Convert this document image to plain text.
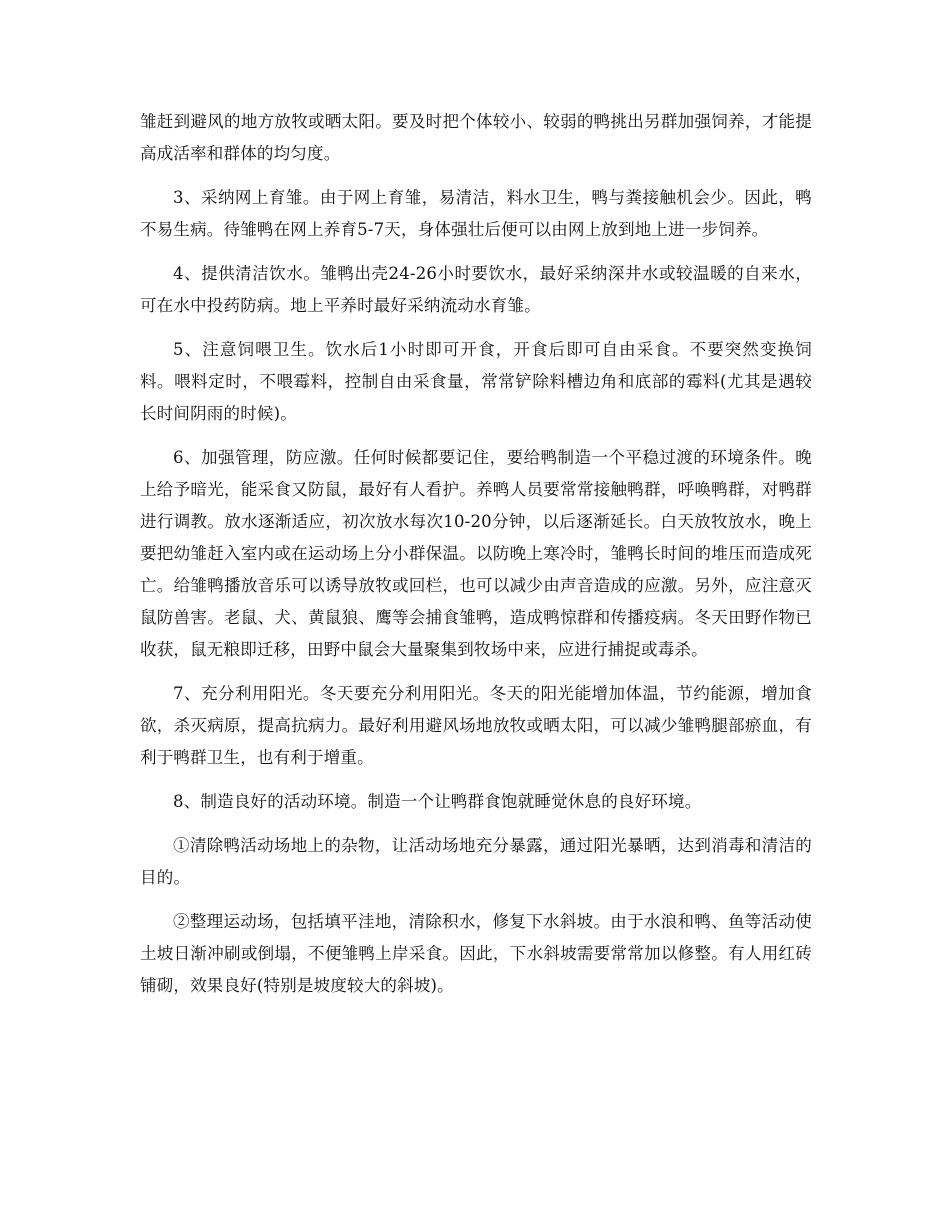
雏赶到避风的地方放牧或晒太阳。要及时把个体较小、较弱的鸭挑出另群加强饲养，才能提高成活率和群体的均匀度。

3、采纳网上育雏。由于网上育雏，易清洁，料水卫生，鸭与粪接触机会少。因此，鸭不易生病。待雏鸭在网上养育5-7天，身体强壮后便可以由网上放到地上进一步饲养。

4、提供清洁饮水。雏鸭出壳24-26小时要饮水，最好采纳深井水或较温暖的自来水，可在水中投药防病。地上平养时最好采纳流动水育雏。

5、注意饲喂卫生。饮水后1小时即可开食，开食后即可自由采食。不要突然变换饲料。喂料定时，不喂霉料，控制自由采食量，常常铲除料槽边角和底部的霉料(尤其是遇较长时间阴雨的时候)。

6、加强管理，防应激。任何时候都要记住，要给鸭制造一个平稳过渡的环境条件。晚上给予暗光，能采食又防鼠，最好有人看护。养鸭人员要常常接触鸭群，呼唤鸭群，对鸭群进行调教。放水逐渐适应，初次放水每次10-20分钟，以后逐渐延长。白天放牧放水，晚上要把幼雏赶入室内或在运动场上分小群保温。以防晚上寒冷时，雏鸭长时间的堆压而造成死亡。给雏鸭播放音乐可以诱导放牧或回栏，也可以减少由声音造成的应激。另外，应注意灭鼠防兽害。老鼠、犬、黄鼠狼、鹰等会捕食雏鸭，造成鸭惊群和传播疫病。冬天田野作物已收获，鼠无粮即迁移，田野中鼠会大量聚集到牧场中来，应进行捕捉或毒杀。

7、充分利用阳光。冬天要充分利用阳光。冬天的阳光能增加体温，节约能源，增加食欲，杀灭病原，提高抗病力。最好利用避风场地放牧或晒太阳，可以减少雏鸭腿部瘀血，有利于鸭群卫生，也有利于增重。

8、制造良好的活动环境。制造一个让鸭群食饱就睡觉休息的良好环境。

①清除鸭活动场地上的杂物，让活动场地充分暴露，通过阳光暴晒，达到消毒和清洁的目的。

②整理运动场，包括填平洼地，清除积水，修复下水斜坡。由于水浪和鸭、鱼等活动使土坡日渐冲刷或倒塌，不便雏鸭上岸采食。因此，下水斜坡需要常常加以修整。有人用红砖铺砌，效果良好(特别是坡度较大的斜坡)。
